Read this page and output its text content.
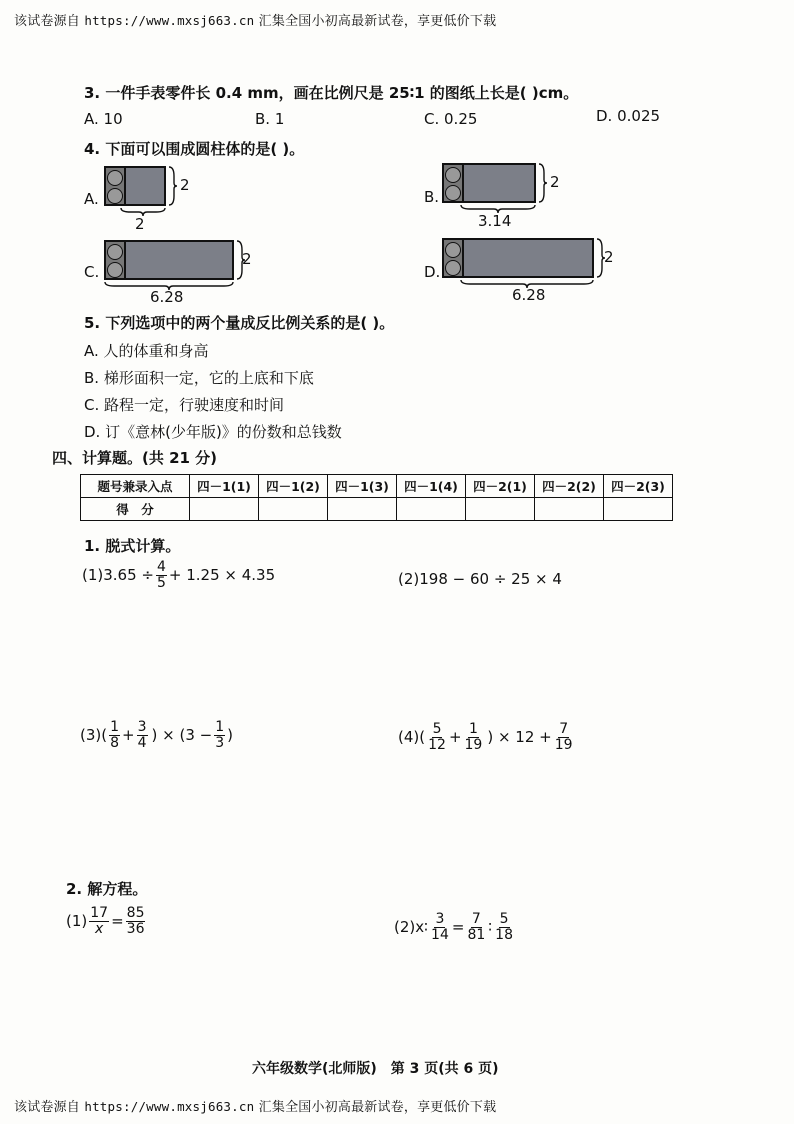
该试卷源自 https://www.mxsj663.cn 汇集全国小初高最新试卷，享更低价下载
3. 一件手表零件长 0.4 mm，画在比例尺是 25∶1 的图纸上长是( )cm。
A. 10	B. 1	C. 0.25	D. 0.025
4. 下面可以围成圆柱体的是( )。
A.
2
2
B.
2
3.14
C.
2
6.28
D.
2
6.28
5. 下列选项中的两个量成反比例关系的是( )。
A. 人的体重和身高
B. 梯形面积一定，它的上底和下底
C. 路程一定，行驶速度和时间
D. 订《意林(少年版)》的份数和总钱数
四、计算题。(共 21 分)
题号兼录入点	四－1(1)	四－1(2)	四－1(3)	四－1(4)	四－2(1)	四－2(2)	四－2(3)
得　分							
1. 脱式计算。
$(1)3.65 \div \frac{4}{5} + 1.25 \times 4.35$	(2)198 − 60 ÷ 25 × 4
$(3)( \frac{1}{8} + \frac{3}{4}$ ) × ($3 - \frac{1}{3}$ )	$(4)( \frac{5}{12} + \frac{1}{19}$ ) × $12 + \frac{7}{19}$
2. 解方程。
$(1) \frac{17}{x} = \frac{85}{36}$	(2)x∶ $\frac{3}{14} = \frac{7}{81}$ ∶ $\frac{5}{18}$
六年级数学(北师版)　第 3 页(共 6 页)
该试卷源自 https://www.mxsj663.cn 汇集全国小初高最新试卷，享更低价下载
